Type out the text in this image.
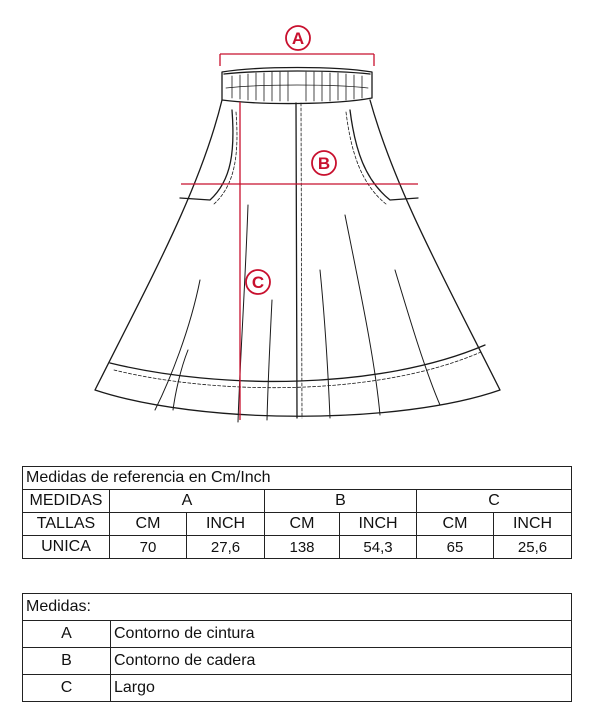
A
B
C
Medidas de referencia en Cm/Inch						
MEDIDAS	A		B		C	
TALLAS	CM	INCH	CM	INCH	CM	INCH
UNICA	70	27,6	138	54,3	65	25,6
Medidas:	
A	Contorno de cintura
B	Contorno de cadera
C	Largo
